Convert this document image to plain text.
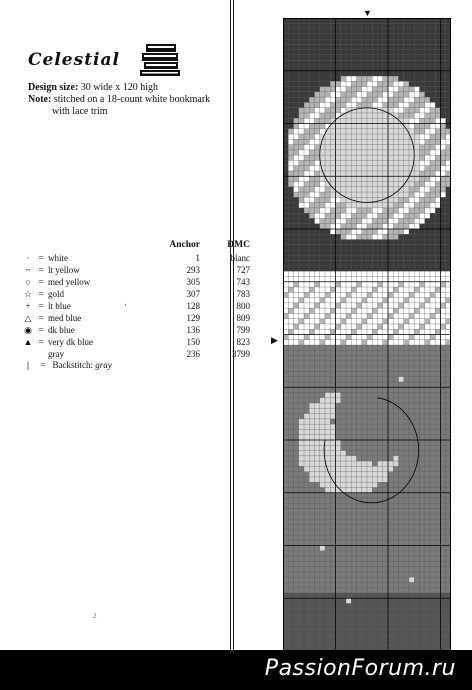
Celestial
Design size: 30 wide x 120 high
Note: stitched on a 18-count white bookmark
with lace trim
			Anchor	DMC
·	=	white	1	blanc
~	=	lt yellow	293	727
○	=	med yellow	305	743
☆	=	gold	307	783
+	=	lt blue	128	800
△	=	med blue	129	809
◉	=	dk blue	136	799
▲	=	very dk blue	150	823
		gray	236	3799
| = Backstitch: gray
¸
2
PassionForum.ru
▼
▶
